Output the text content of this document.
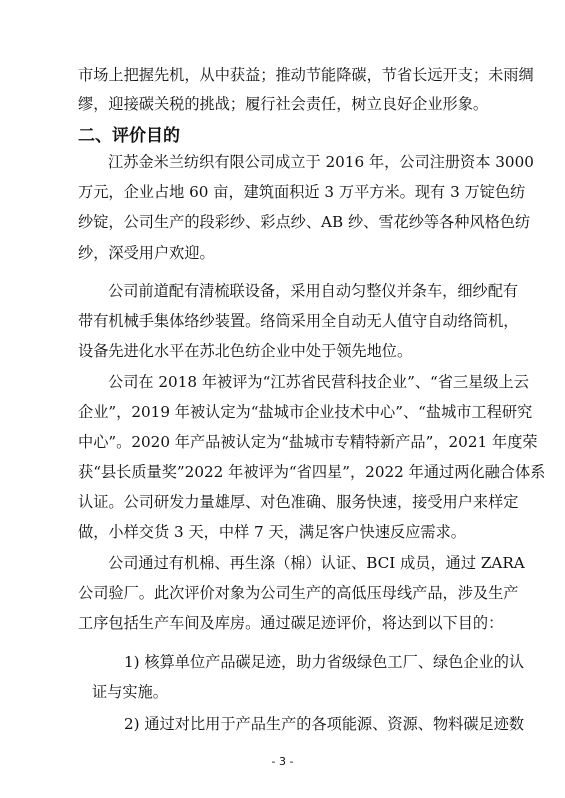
市场上把握先机，从中获益；推动节能降碳，节省长远开支；未雨绸
缪，迎接碳关税的挑战；履行社会责任，树立良好企业形象。
二、评价目的
江苏金米兰纺织有限公司成立于 2016 年，公司注册资本 3000
万元，企业占地 60 亩，建筑面积近 3 万平方米。现有 3 万锭色纺
纱锭，公司生产的段彩纱、彩点纱、AB 纱、雪花纱等各种风格色纺
纱，深受用户欢迎。
公司前道配有清梳联设备，采用自动匀整仪并条车，细纱配有
带有机械手集体络纱装置。络筒采用全自动无人值守自动络筒机，
设备先进化水平在苏北色纺企业中处于领先地位。
公司在 2018 年被评为“江苏省民营科技企业”、“省三星级上云
企业”，2019 年被认定为“盐城市企业技术中心”、“盐城市工程研究
中心”。2020 年产品被认定为“盐城市专精特新产品”，2021 年度荣
获“县长质量奖”2022 年被评为“省四星”，2022 年通过两化融合体系
认证。公司研发力量雄厚、对色准确、服务快速，接受用户来样定
做，小样交货 3 天，中样 7 天，满足客户快速反应需求。
公司通过有机棉、再生涤（棉）认证、BCI 成员，通过 ZARA
公司验厂。此次评价对象为公司生产的高低压母线产品，涉及生产
工序包括生产车间及库房。通过碳足迹评价，将达到以下目的：
1) 核算单位产品碳足迹，助力省级绿色工厂、绿色企业的认
证与实施。
2) 通过对比用于产品生产的各项能源、资源、物料碳足迹数
- 3 -
